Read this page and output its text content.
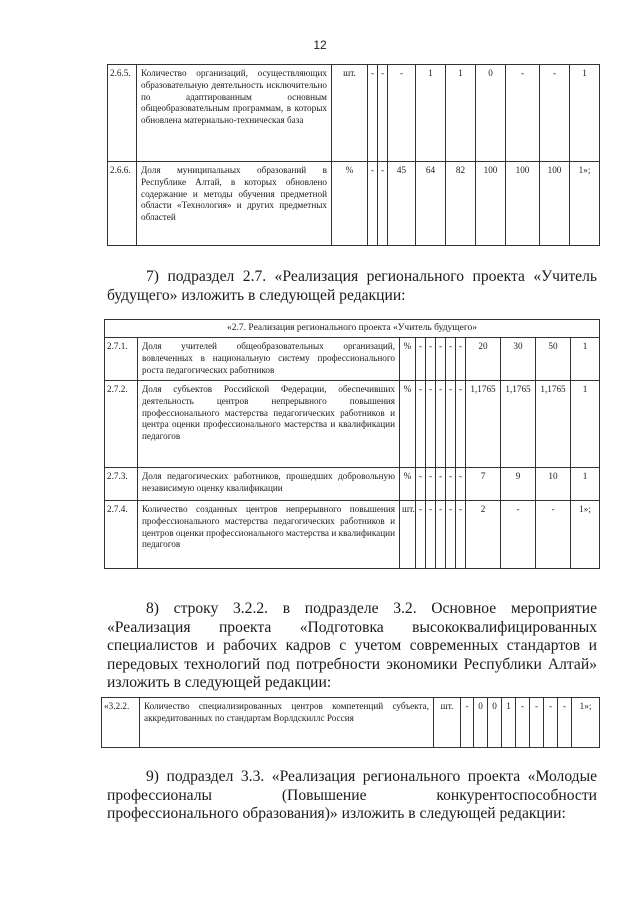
12
2.6.5.	Количество организаций, осуществляющих образовательную деятельность исключительно по адаптированным основным общеобразовательным программам, в которых обновлена материально-техническая база	шт.	-	-	-	1	1	0	-	-	1
2.6.6.	Доля муниципальных образований в Республике Алтай, в которых обновлено содержание и методы обучения предметной области «Технология» и других предметных областей	%	-	-	45	64	82	100	100	100	1»;

7) подраздел 2.7. «Реализация регионального проекта «Учитель будущего» изложить в следующей редакции:

«2.7. Реализация регионального проекта «Учитель будущего»											
2.7.1.	Доля учителей общеобразовательных организаций, вовлеченных в национальную систему профессионального роста педагогических работников	%	-	-	-	-	-	20	30	50	1
2.7.2.	Доля субъектов Российской Федерации, обеспечивших деятельность центров непрерывного повышения профессионального мастерства педагогических работников и центра оценки профессионального мастерства и квалификации педагогов	%	-	-	-	-	-	1,1765	1,1765	1,1765	1
2.7.3.	Доля педагогических работников, прошедших добровольную независимую оценку квалификации	%	-	-	-	-	-	7	9	10	1
2.7.4.	Количество созданных центров непрерывного повышения профессионального мастерства педагогических работников и центров оценки профессионального мастерства и квалификации педагогов	шт.	-	-	-	-	-	2	-	-	1»;

8) строку 3.2.2. в подразделе 3.2. Основное мероприятие «Реализация проекта «Подготовка высококвалифицированных специалистов и рабочих кадров с учетом современных стандартов и передовых технологий под потребности экономики Республики Алтай» изложить в следующей редакции:

«3.2.2.	Количество специализированных центров компетенций субъекта, аккредитованных по стандартам Ворлдскиллс Россия	шт.	-	0	0	1	-	-	-	-	1»;

9) подраздел 3.3. «Реализация регионального проекта «Молодые профессионалы (Повышение конкурентоспособности профессионального образования)» изложить в следующей редакции:
